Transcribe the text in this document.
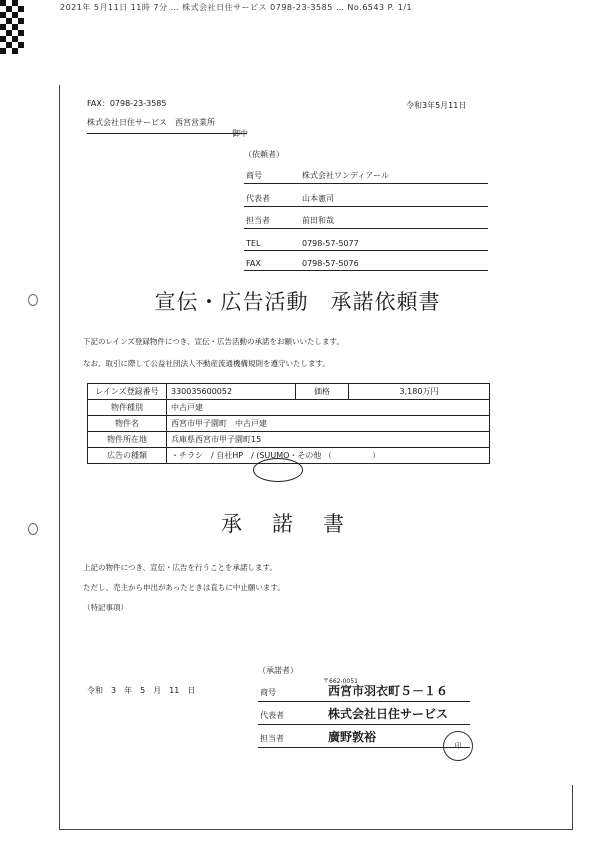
2021年 5月11日 11時 7分 … 株式会社日住サービス 0798-23-3585 … No.6543 P. 1/1
FAX：0798-23-3585	令和3年5月11日
株式会社日住サービス　西宮営業所
御中
（依頼者）
商号	株式会社ワンディアール
代表者	山本憲司
担当者	前田和哉
TEL	0798-57-5077
FAX	0798-57-5076
宣伝・広告活動　承諾依頼書
下記のレインズ登録物件につき、宣伝・広告活動の承諾をお願いいたします。
なお、取引に際して公益社団法人不動産流通機構規則を遵守いたします。
レインズ登録番号	330035600052	価格	3,180万円
物件種別	中古戸建		
物件名	西宮市甲子園町　中古戸建		
物件所在地	兵庫県西宮市甲子園町15		
広告の種類	・チラシ　/ 自社HP　/ (SUUMO・その他 （　　　　　）		
承諾書
上記の物件につき、宣伝・広告を行うことを承諾します。
ただし、売主から申出があったときは直ちに中止願います。
（特記事項）
令和　3　年　5　月　11　日
（承諾者）
〒662-0051
商号	西宮市羽衣町５－１６
代表者	株式会社日住サービス
担当者	廣野敦裕
印
